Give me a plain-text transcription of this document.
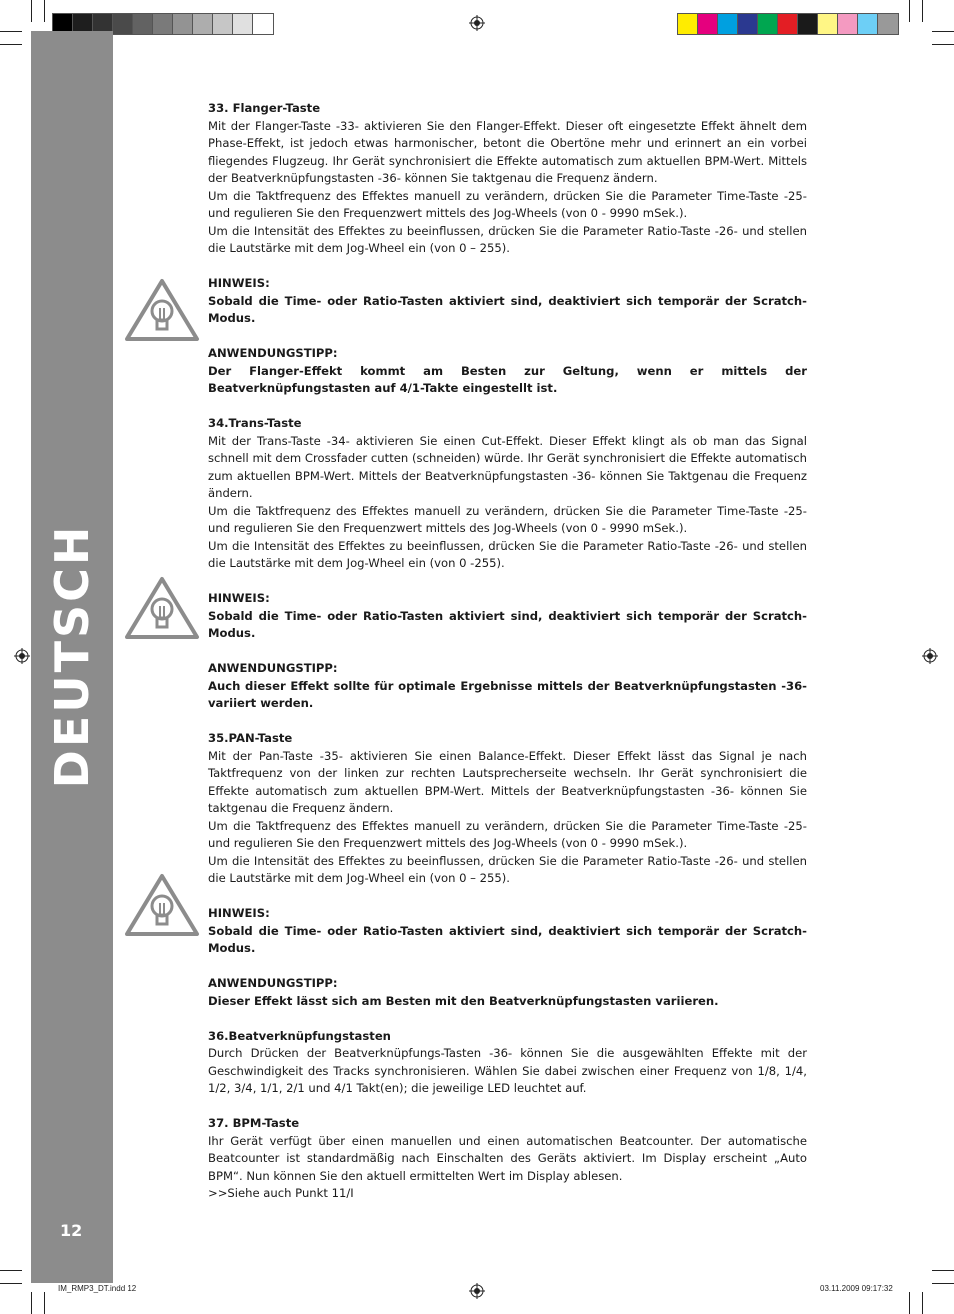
DEUTSCH
12

33. Flanger-Taste

Mit der Flanger-Taste -33- aktivieren Sie den Flanger-Effekt. Dieser oft eingesetzte Effekt ähnelt dem Phase-Effekt, ist jedoch etwas harmonischer, betont die Obertöne mehr und erinnert an ein vorbei fliegendes Flugzeug. Ihr Gerät synchronisiert die Effekte automatisch zum aktuellen BPM-Wert. Mittels der Beatverknüpfungstasten -36- können Sie taktgenau die Frequenz ändern.

Um die Taktfrequenz des Effektes manuell zu verändern, drücken Sie die Parameter Time-Taste -25- und regulieren Sie den Frequenzwert mittels des Jog-Wheels (von 0 - 9990 mSek.).

Um die Intensität des Effektes zu beeinflussen, drücken Sie die Parameter Ratio-Taste -26- und stellen die Lautstärke mit dem Jog-Wheel ein (von 0 – 255).

HINWEIS:

Sobald die Time- oder Ratio-Tasten aktiviert sind, deaktiviert sich temporär der Scratch-Modus.

ANWENDUNGSTIPP:

Der Flanger-Effekt kommt am Besten zur Geltung, wenn er mittels der Beatverknüpfungstasten auf 4/1-Takte eingestellt ist.

34.Trans-Taste

Mit der Trans-Taste -34- aktivieren Sie einen Cut-Effekt. Dieser Effekt klingt als ob man das Signal schnell mit dem Crossfader cutten (schneiden) würde. Ihr Gerät synchronisiert die Effekte automatisch zum aktuellen BPM-Wert. Mittels der Beatverknüpfungstasten -36- können Sie Taktgenau die Frequenz ändern.

Um die Taktfrequenz des Effektes manuell zu verändern, drücken Sie die Parameter Time-Taste -25- und regulieren Sie den Frequenzwert mittels des Jog-Wheels (von 0 - 9990 mSek.).

Um die Intensität des Effektes zu beeinflussen, drücken Sie die Parameter Ratio-Taste -26- und stellen die Lautstärke mit dem Jog-Wheel ein (von 0 -255).

HINWEIS:

Sobald die Time- oder Ratio-Tasten aktiviert sind, deaktiviert sich temporär der Scratch-Modus.

ANWENDUNGSTIPP:

Auch dieser Effekt sollte für optimale Ergebnisse mittels der Beatverknüpfungstasten -36- variiert werden.

35.PAN-Taste

Mit der Pan-Taste -35- aktivieren Sie einen Balance-Effekt. Dieser Effekt lässt das Signal je nach Taktfrequenz von der linken zur rechten Lautsprecherseite wechseln. Ihr Gerät synchronisiert die Effekte automatisch zum aktuellen BPM-Wert. Mittels der Beatverknüpfungstasten -36- können Sie taktgenau die Frequenz ändern.

Um die Taktfrequenz des Effektes manuell zu verändern, drücken Sie die Parameter Time-Taste -25- und regulieren Sie den Frequenzwert mittels des Jog-Wheels (von 0 - 9990 mSek.).

Um die Intensität des Effektes zu beeinflussen, drücken Sie die Parameter Ratio-Taste -26- und stellen die Lautstärke mit dem Jog-Wheel ein (von 0 – 255).

HINWEIS:

Sobald die Time- oder Ratio-Tasten aktiviert sind, deaktiviert sich temporär der Scratch-Modus.

ANWENDUNGSTIPP:

Dieser Effekt lässt sich am Besten mit den Beatverknüpfungstasten variieren.

36.Beatverknüpfungstasten

Durch Drücken der Beatverknüpfungs-Tasten -36- können Sie die ausgewählten Effekte mit der Geschwindigkeit des Tracks synchronisieren. Wählen Sie dabei zwischen einer Frequenz von 1/8, 1/4, 1/2, 3/4, 1/1, 2/1 und 4/1 Takt(en); die jeweilige LED leuchtet auf.

37. BPM-Taste

Ihr Gerät verfügt über einen manuellen und einen automatischen Beatcounter. Der automatische Beatcounter ist standardmäßig nach Einschalten des Geräts aktiviert. Im Display erscheint „Auto BPM“. Nun können Sie den aktuell ermittelten Wert im Display ablesen.

>>Siehe auch Punkt 11/I

IM_RMP3_DT.indd 12	03.11.2009 09:17:32
